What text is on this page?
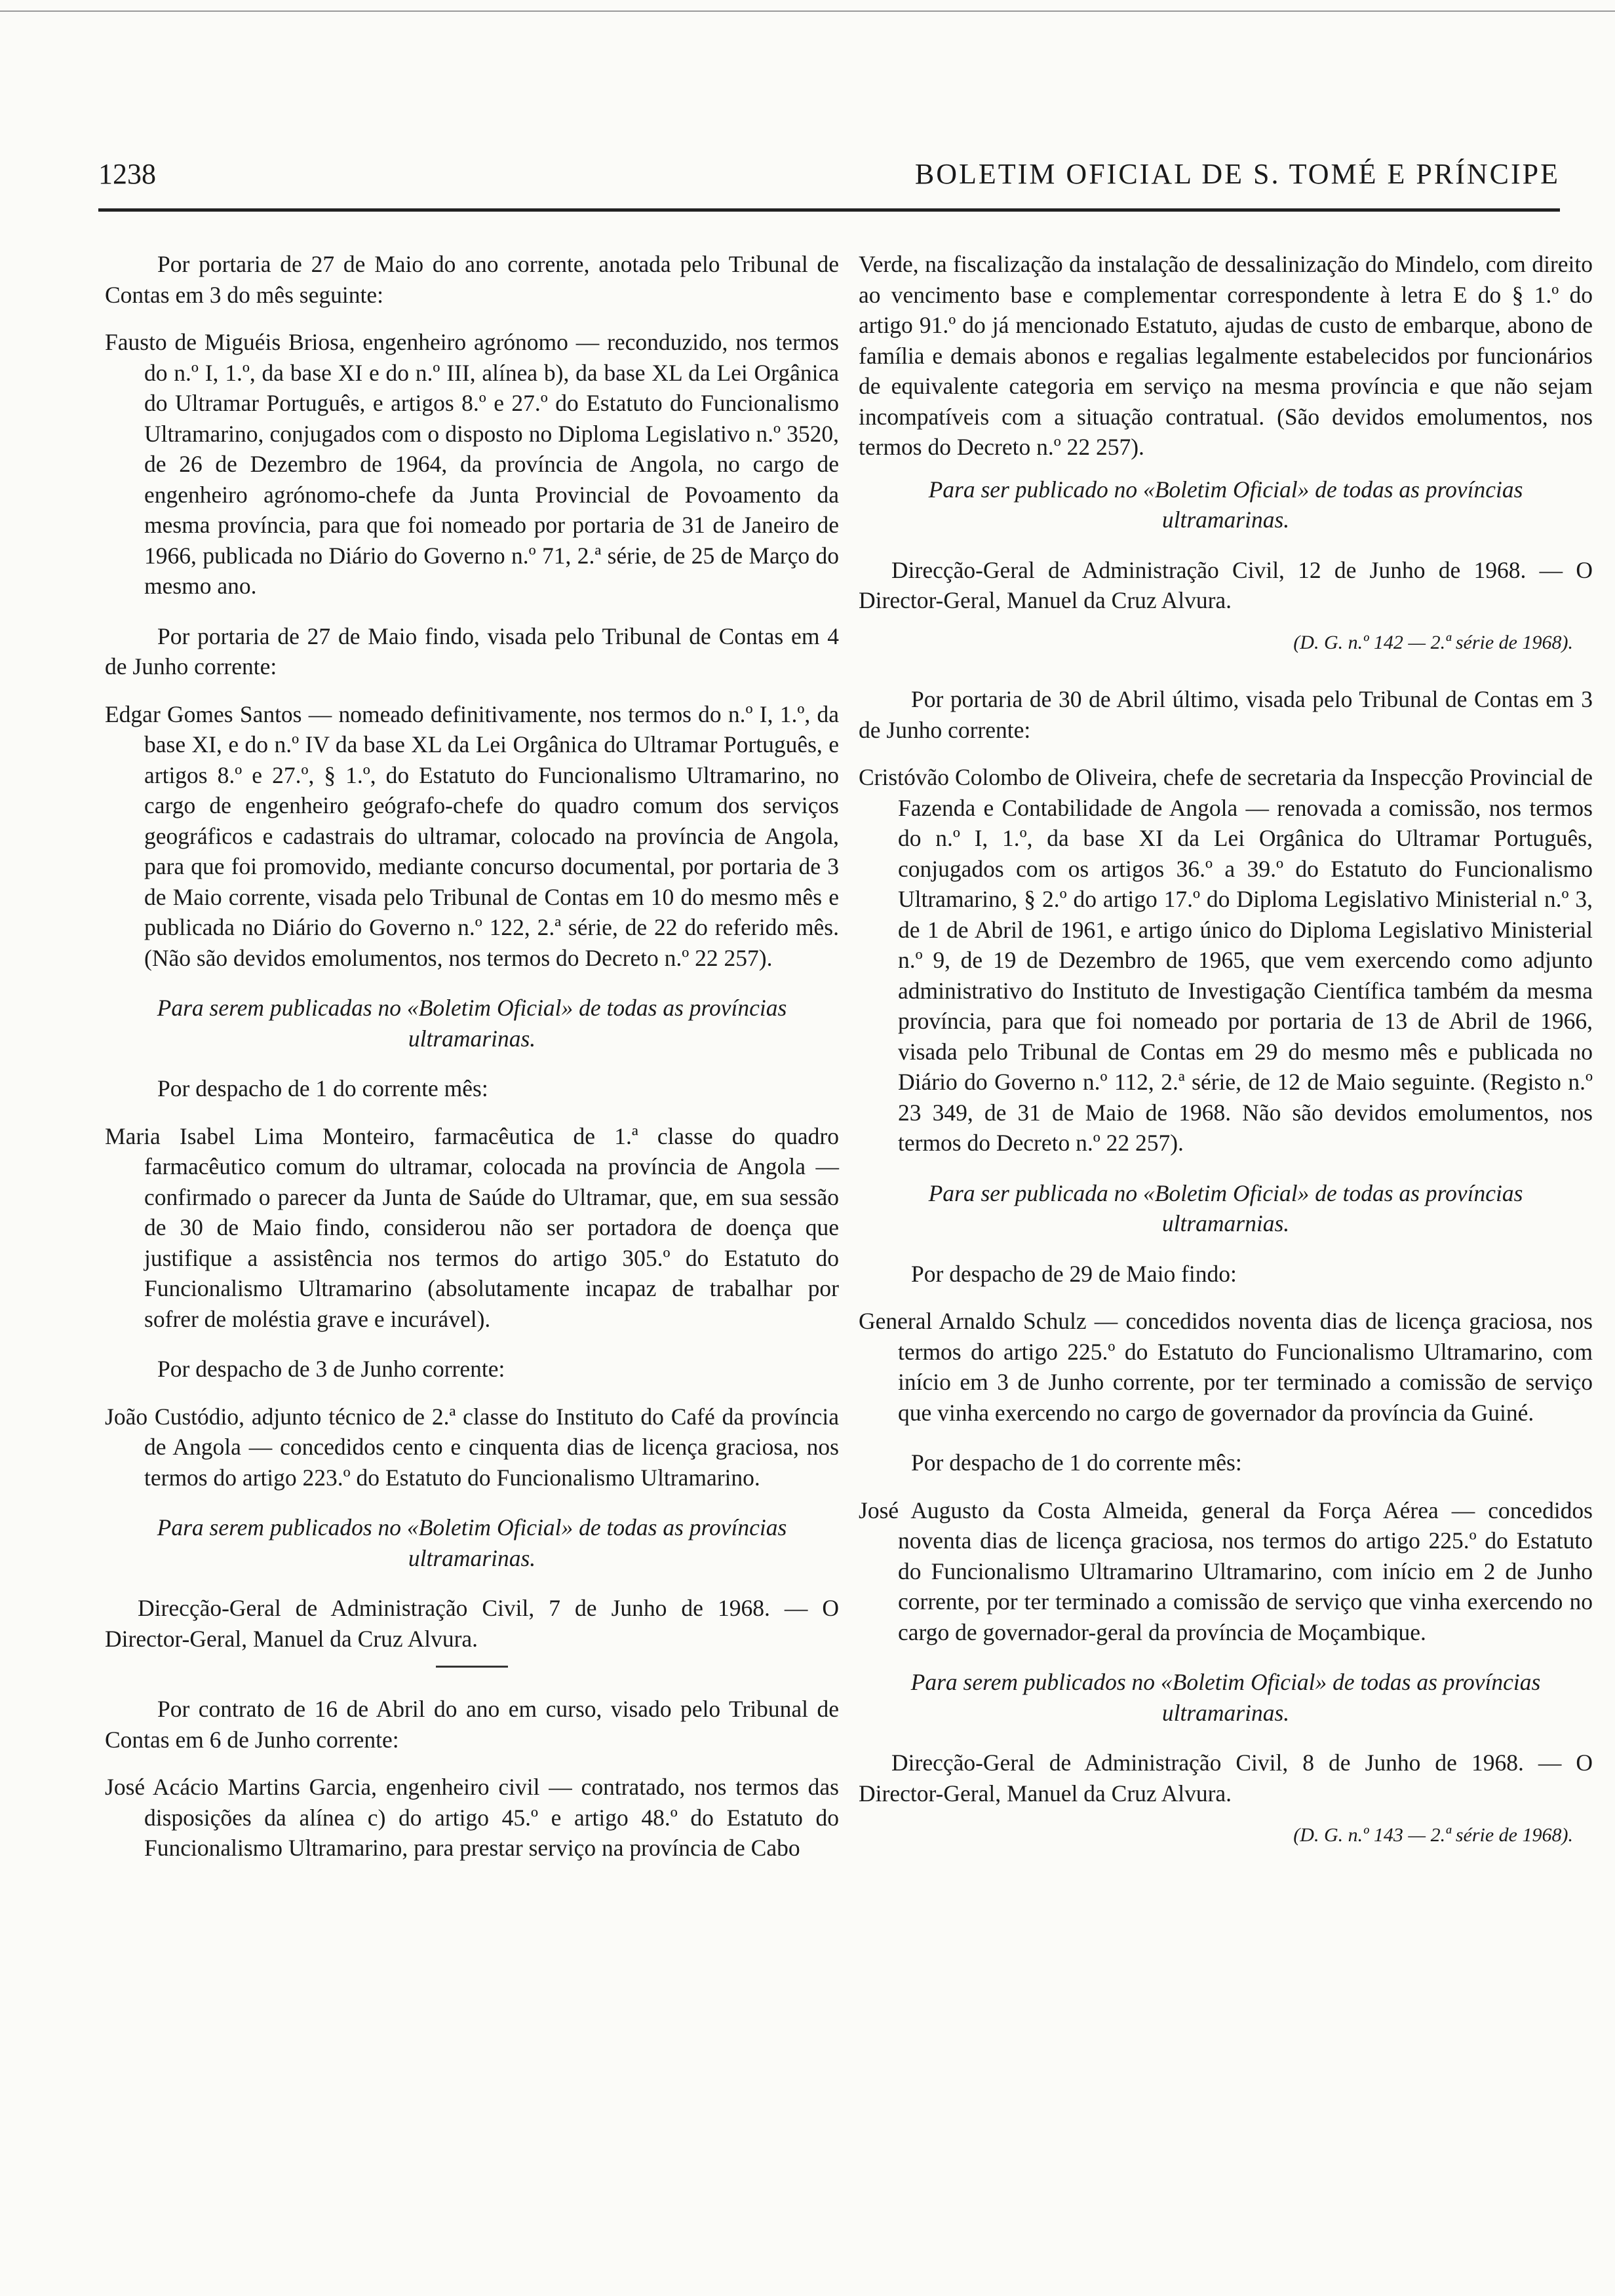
1238	BOLETIM OFICIAL DE S. TOMÉ E PRÍNCIPE

Por portaria de 27 de Maio do ano corrente, anotada pelo Tribunal de Contas em 3 do mês seguinte:

Fausto de Miguéis Briosa, engenheiro agrónomo — reconduzido, nos termos do n.º I, 1.º, da base XI e do n.º III, alínea b), da base XL da Lei Orgânica do Ultramar Português, e artigos 8.º e 27.º do Estatuto do Funcionalismo Ultramarino, conjugados com o disposto no Diploma Legislativo n.º 3520, de 26 de Dezembro de 1964, da província de Angola, no cargo de engenheiro agrónomo-chefe da Junta Provincial de Povoamento da mesma província, para que foi nomeado por portaria de 31 de Janeiro de 1966, publicada no Diário do Governo n.º 71, 2.ª série, de 25 de Março do mesmo ano.

Por portaria de 27 de Maio findo, visada pelo Tribunal de Contas em 4 de Junho corrente:

Edgar Gomes Santos — nomeado definitivamente, nos termos do n.º I, 1.º, da base XI, e do n.º IV da base XL da Lei Orgânica do Ultramar Português, e artigos 8.º e 27.º, § 1.º, do Estatuto do Funcionalismo Ultramarino, no cargo de engenheiro geógrafo-chefe do quadro comum dos serviços geográficos e cadastrais do ultramar, colocado na província de Angola, para que foi promovido, mediante concurso documental, por portaria de 3 de Maio corrente, visada pelo Tribunal de Contas em 10 do mesmo mês e publicada no Diário do Governo n.º 122, 2.ª série, de 22 do referido mês. (Não são devidos emolumentos, nos termos do Decreto n.º 22 257).

Para serem publicadas no «Boletim Oficial» de todas as províncias ultramarinas.

Por despacho de 1 do corrente mês:

Maria Isabel Lima Monteiro, farmacêutica de 1.ª classe do quadro farmacêutico comum do ultramar, colocada na província de Angola — confirmado o parecer da Junta de Saúde do Ultramar, que, em sua sessão de 30 de Maio findo, considerou não ser portadora de doença que justifique a assistência nos termos do artigo 305.º do Estatuto do Funcionalismo Ultramarino (absolutamente incapaz de trabalhar por sofrer de moléstia grave e incurável).

Por despacho de 3 de Junho corrente:

João Custódio, adjunto técnico de 2.ª classe do Instituto do Café da província de Angola — concedidos cento e cinquenta dias de licença graciosa, nos termos do artigo 223.º do Estatuto do Funcionalismo Ultramarino.

Para serem publicados no «Boletim Oficial» de todas as províncias ultramarinas.

Direcção-Geral de Administração Civil, 7 de Junho de 1968. — O Director-Geral, Manuel da Cruz Alvura.

Por contrato de 16 de Abril do ano em curso, visado pelo Tribunal de Contas em 6 de Junho corrente:

José Acácio Martins Garcia, engenheiro civil — contratado, nos termos das disposições da alínea c) do artigo 45.º e artigo 48.º do Estatuto do Funcionalismo Ultramarino, para prestar serviço na província de Cabo

Verde, na fiscalização da instalação de dessalinização do Mindelo, com direito ao vencimento base e complementar correspondente à letra E do § 1.º do artigo 91.º do já mencionado Estatuto, ajudas de custo de embarque, abono de família e demais abonos e regalias legalmente estabelecidos por funcionários de equivalente categoria em serviço na mesma província e que não sejam incompatíveis com a situação contratual. (São devidos emolumentos, nos termos do Decreto n.º 22 257).

Para ser publicado no «Boletim Oficial» de todas as províncias ultramarinas.

Direcção-Geral de Administração Civil, 12 de Junho de 1968. — O Director-Geral, Manuel da Cruz Alvura.

(D. G. n.º 142 — 2.ª série de 1968).

Por portaria de 30 de Abril último, visada pelo Tribunal de Contas em 3 de Junho corrente:

Cristóvão Colombo de Oliveira, chefe de secretaria da Inspecção Provincial de Fazenda e Contabilidade de Angola — renovada a comissão, nos termos do n.º I, 1.º, da base XI da Lei Orgânica do Ultramar Português, conjugados com os artigos 36.º a 39.º do Estatuto do Funcionalismo Ultramarino, § 2.º do artigo 17.º do Diploma Legislativo Ministerial n.º 3, de 1 de Abril de 1961, e artigo único do Diploma Legislativo Ministerial n.º 9, de 19 de Dezembro de 1965, que vem exercendo como adjunto administrativo do Instituto de Investigação Científica também da mesma província, para que foi nomeado por portaria de 13 de Abril de 1966, visada pelo Tribunal de Contas em 29 do mesmo mês e publicada no Diário do Governo n.º 112, 2.ª série, de 12 de Maio seguinte. (Registo n.º 23 349, de 31 de Maio de 1968. Não são devidos emolumentos, nos termos do Decreto n.º 22 257).

Para ser publicada no «Boletim Oficial» de todas as províncias ultramarnias.

Por despacho de 29 de Maio findo:

General Arnaldo Schulz — concedidos noventa dias de licença graciosa, nos termos do artigo 225.º do Estatuto do Funcionalismo Ultramarino, com início em 3 de Junho corrente, por ter terminado a comissão de serviço que vinha exercendo no cargo de governador da província da Guiné.

Por despacho de 1 do corrente mês:

José Augusto da Costa Almeida, general da Força Aérea — concedidos noventa dias de licença graciosa, nos termos do artigo 225.º do Estatuto do Funcionalismo Ultramarino Ultramarino, com início em 2 de Junho corrente, por ter terminado a comissão de serviço que vinha exercendo no cargo de governador-geral da província de Moçambique.

Para serem publicados no «Boletim Oficial» de todas as províncias ultramarinas.

Direcção-Geral de Administração Civil, 8 de Junho de 1968. — O Director-Geral, Manuel da Cruz Alvura.

(D. G. n.º 143 — 2.ª série de 1968).
